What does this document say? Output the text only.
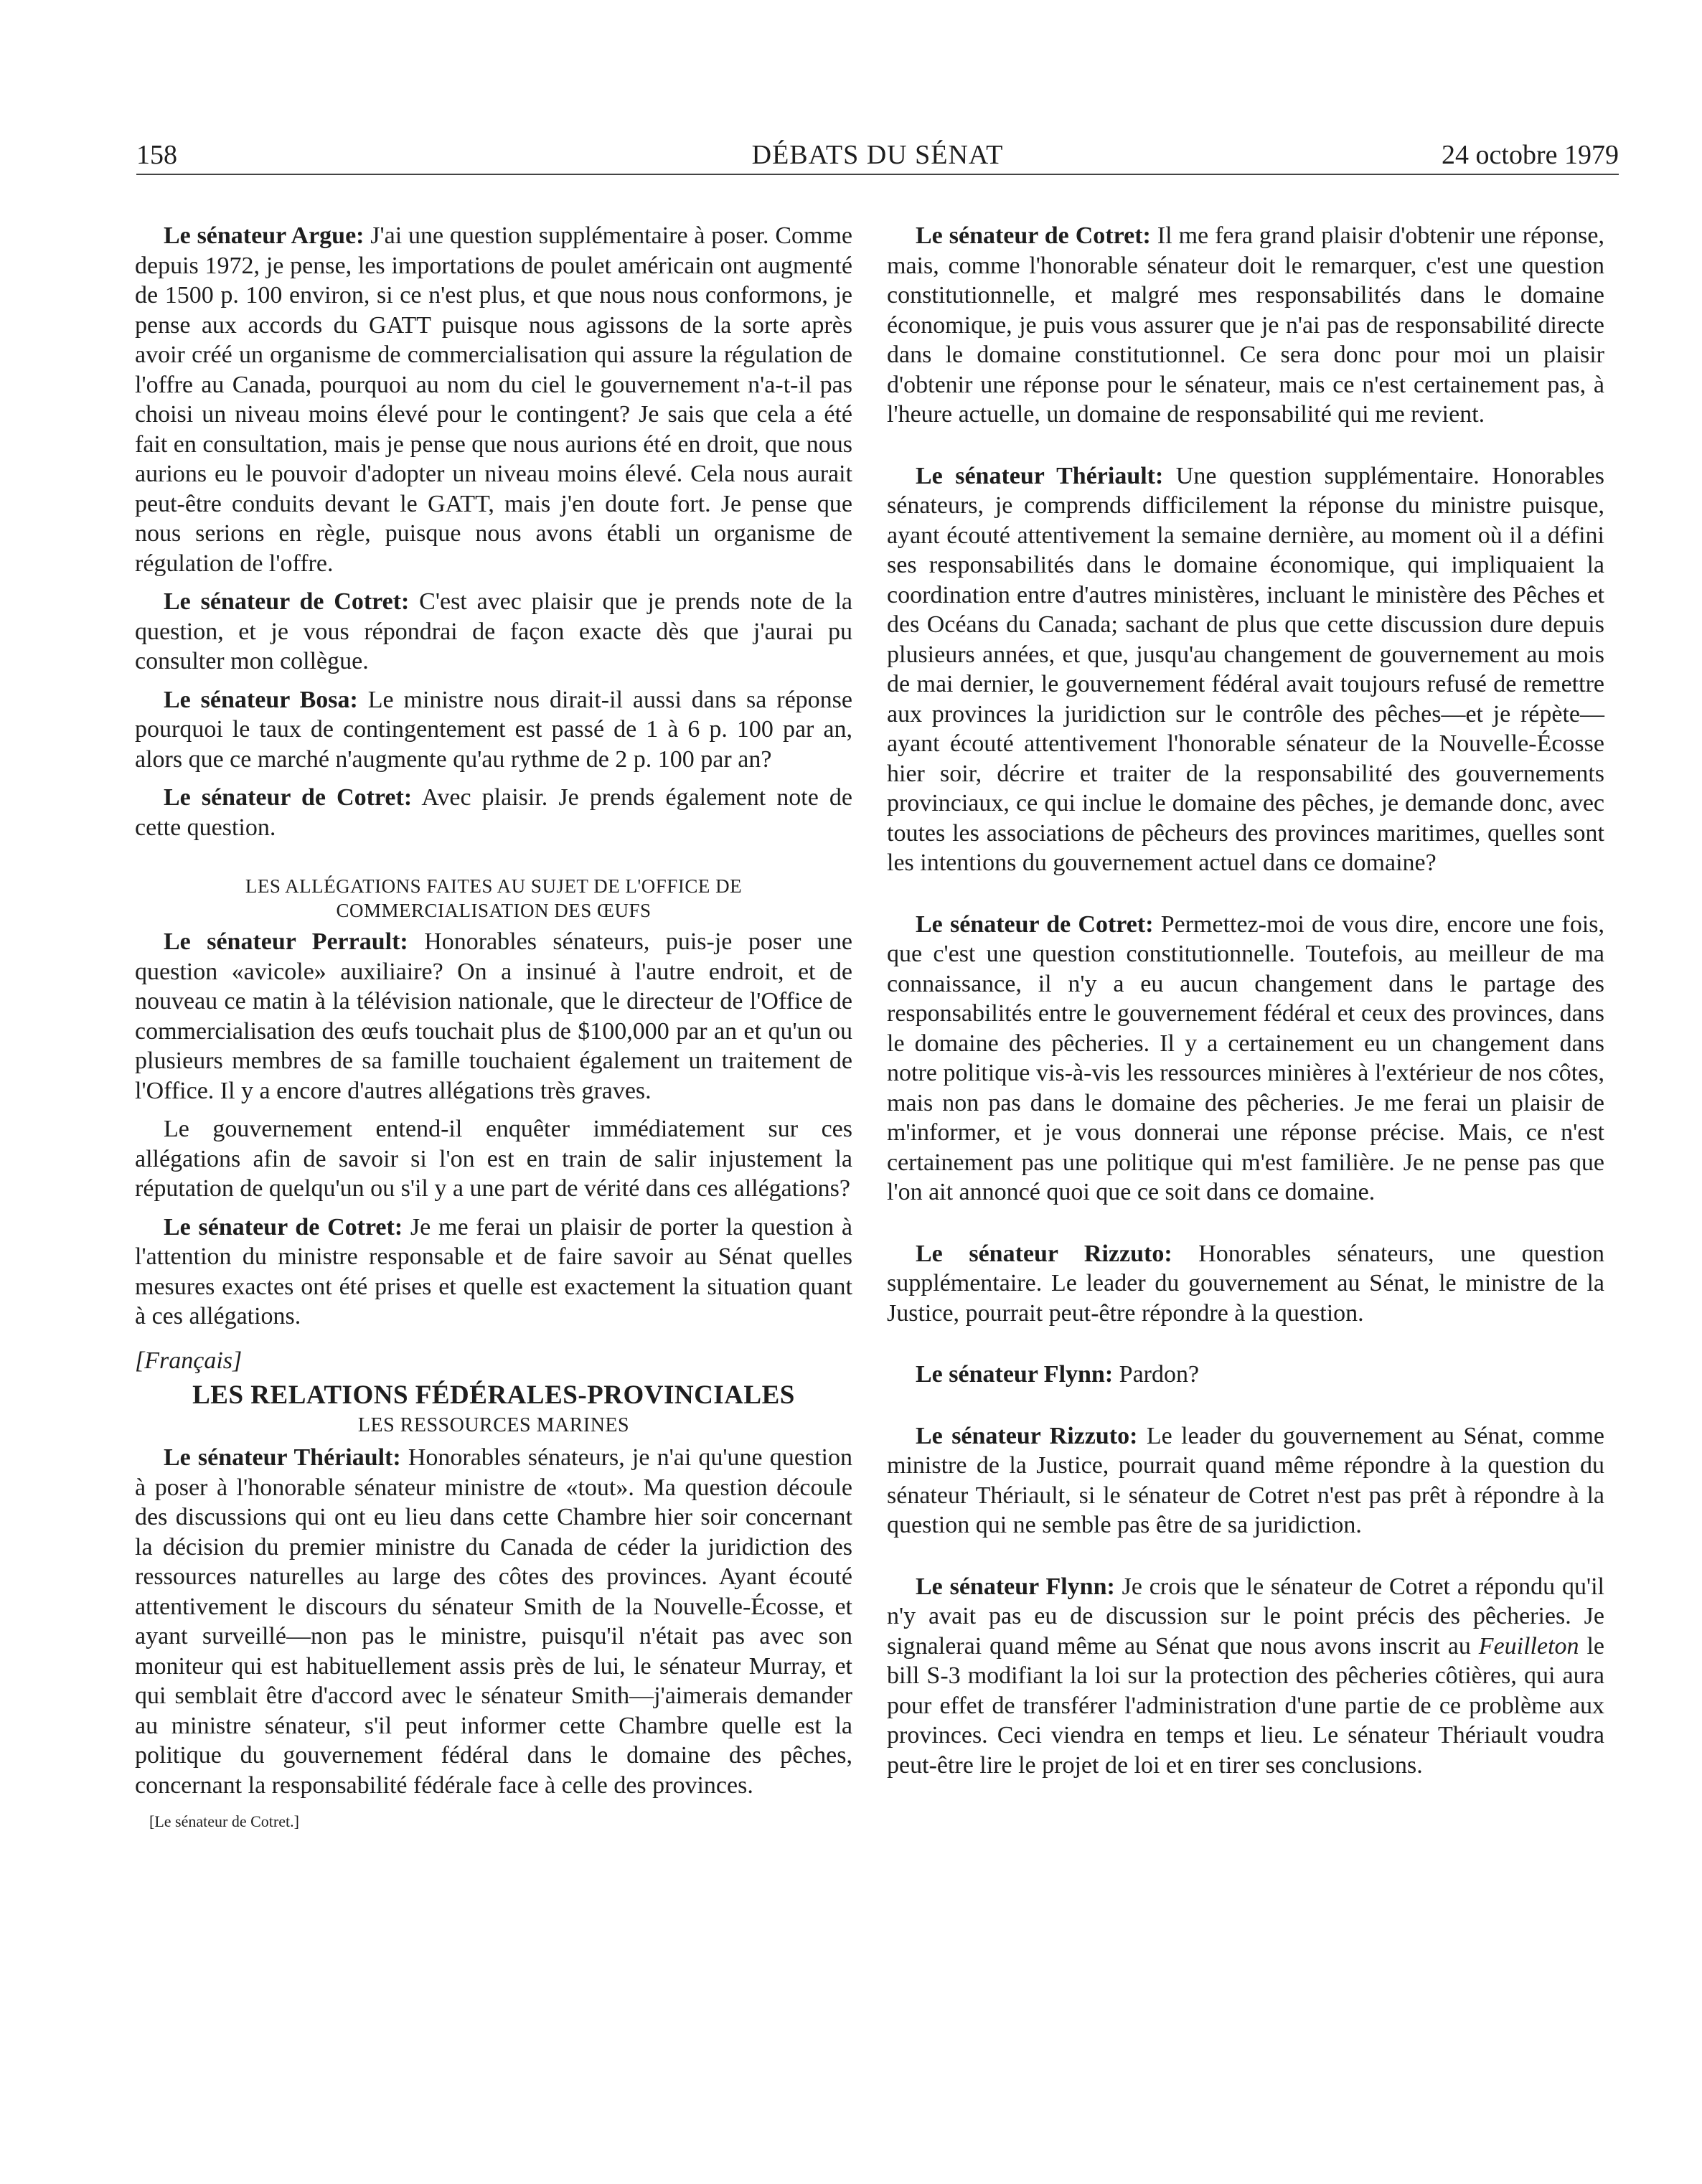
158	DÉBATS DU SÉNAT	24 octobre 1979

Le sénateur Argue: J'ai une question supplémentaire à poser. Comme depuis 1972, je pense, les importations de poulet américain ont augmenté de 1500 p. 100 environ, si ce n'est plus, et que nous nous conformons, je pense aux accords du GATT puisque nous agissons de la sorte après avoir créé un organisme de commercialisation qui assure la régulation de l'offre au Canada, pourquoi au nom du ciel le gouvernement n'a-t-il pas choisi un niveau moins élevé pour le contingent? Je sais que cela a été fait en consultation, mais je pense que nous aurions été en droit, que nous aurions eu le pouvoir d'adopter un niveau moins élevé. Cela nous aurait peut-être conduits devant le GATT, mais j'en doute fort. Je pense que nous serions en règle, puisque nous avons établi un organisme de régulation de l'offre.

Le sénateur de Cotret: C'est avec plaisir que je prends note de la question, et je vous répondrai de façon exacte dès que j'aurai pu consulter mon collègue.

Le sénateur Bosa: Le ministre nous dirait-il aussi dans sa réponse pourquoi le taux de contingentement est passé de 1 à 6 p. 100 par an, alors que ce marché n'augmente qu'au rythme de 2 p. 100 par an?

Le sénateur de Cotret: Avec plaisir. Je prends également note de cette question.

LES ALLÉGATIONS FAITES AU SUJET DE L'OFFICE DE
COMMERCIALISATION DES ŒUFS

Le sénateur Perrault: Honorables sénateurs, puis-je poser une question «avicole» auxiliaire? On a insinué à l'autre endroit, et de nouveau ce matin à la télévision nationale, que le directeur de l'Office de commercialisation des œufs touchait plus de $100,000 par an et qu'un ou plusieurs membres de sa famille touchaient également un traitement de l'Office. Il y a encore d'autres allégations très graves.

Le gouvernement entend-il enquêter immédiatement sur ces allégations afin de savoir si l'on est en train de salir injustement la réputation de quelqu'un ou s'il y a une part de vérité dans ces allégations?

Le sénateur de Cotret: Je me ferai un plaisir de porter la question à l'attention du ministre responsable et de faire savoir au Sénat quelles mesures exactes ont été prises et quelle est exactement la situation quant à ces allégations.

[Français]
LES RELATIONS FÉDÉRALES-PROVINCIALES
LES RESSOURCES MARINES

Le sénateur Thériault: Honorables sénateurs, je n'ai qu'une question à poser à l'honorable sénateur ministre de «tout». Ma question découle des discussions qui ont eu lieu dans cette Chambre hier soir concernant la décision du premier ministre du Canada de céder la juridiction des ressources naturelles au large des côtes des provinces. Ayant écouté attentivement le discours du sénateur Smith de la Nouvelle-Écosse, et ayant surveillé—non pas le ministre, puisqu'il n'était pas avec son moniteur qui est habituellement assis près de lui, le sénateur Murray, et qui semblait être d'accord avec le sénateur Smith—j'aimerais demander au ministre sénateur, s'il peut informer cette Chambre quelle est la politique du gouvernement fédéral dans le domaine des pêches, concernant la responsabilité fédérale face à celle des provinces.

[Le sénateur de Cotret.]

Le sénateur de Cotret: Il me fera grand plaisir d'obtenir une réponse, mais, comme l'honorable sénateur doit le remarquer, c'est une question constitutionnelle, et malgré mes responsabilités dans le domaine économique, je puis vous assurer que je n'ai pas de responsabilité directe dans le domaine constitutionnel. Ce sera donc pour moi un plaisir d'obtenir une réponse pour le sénateur, mais ce n'est certainement pas, à l'heure actuelle, un domaine de responsabilité qui me revient.

Le sénateur Thériault: Une question supplémentaire. Honorables sénateurs, je comprends difficilement la réponse du ministre puisque, ayant écouté attentivement la semaine dernière, au moment où il a défini ses responsabilités dans le domaine économique, qui impliquaient la coordination entre d'autres ministères, incluant le ministère des Pêches et des Océans du Canada; sachant de plus que cette discussion dure depuis plusieurs années, et que, jusqu'au changement de gouvernement au mois de mai dernier, le gouvernement fédéral avait toujours refusé de remettre aux provinces la juridiction sur le contrôle des pêches—et je répète—ayant écouté attentivement l'honorable sénateur de la Nouvelle-Écosse hier soir, décrire et traiter de la responsabilité des gouvernements provinciaux, ce qui inclue le domaine des pêches, je demande donc, avec toutes les associations de pêcheurs des provinces maritimes, quelles sont les intentions du gouvernement actuel dans ce domaine?

Le sénateur de Cotret: Permettez-moi de vous dire, encore une fois, que c'est une question constitutionnelle. Toutefois, au meilleur de ma connaissance, il n'y a eu aucun changement dans le partage des responsabilités entre le gouvernement fédéral et ceux des provinces, dans le domaine des pêcheries. Il y a certainement eu un changement dans notre politique vis-à-vis les ressources minières à l'extérieur de nos côtes, mais non pas dans le domaine des pêcheries. Je me ferai un plaisir de m'informer, et je vous donnerai une réponse précise. Mais, ce n'est certainement pas une politique qui m'est familière. Je ne pense pas que l'on ait annoncé quoi que ce soit dans ce domaine.

Le sénateur Rizzuto: Honorables sénateurs, une question supplémentaire. Le leader du gouvernement au Sénat, le ministre de la Justice, pourrait peut-être répondre à la question.

Le sénateur Flynn: Pardon?

Le sénateur Rizzuto: Le leader du gouvernement au Sénat, comme ministre de la Justice, pourrait quand même répondre à la question du sénateur Thériault, si le sénateur de Cotret n'est pas prêt à répondre à la question qui ne semble pas être de sa juridiction.

Le sénateur Flynn: Je crois que le sénateur de Cotret a répondu qu'il n'y avait pas eu de discussion sur le point précis des pêcheries. Je signalerai quand même au Sénat que nous avons inscrit au Feuilleton le bill S-3 modifiant la loi sur la protection des pêcheries côtières, qui aura pour effet de transférer l'administration d'une partie de ce problème aux provinces. Ceci viendra en temps et lieu. Le sénateur Thériault voudra peut-être lire le projet de loi et en tirer ses conclusions.
